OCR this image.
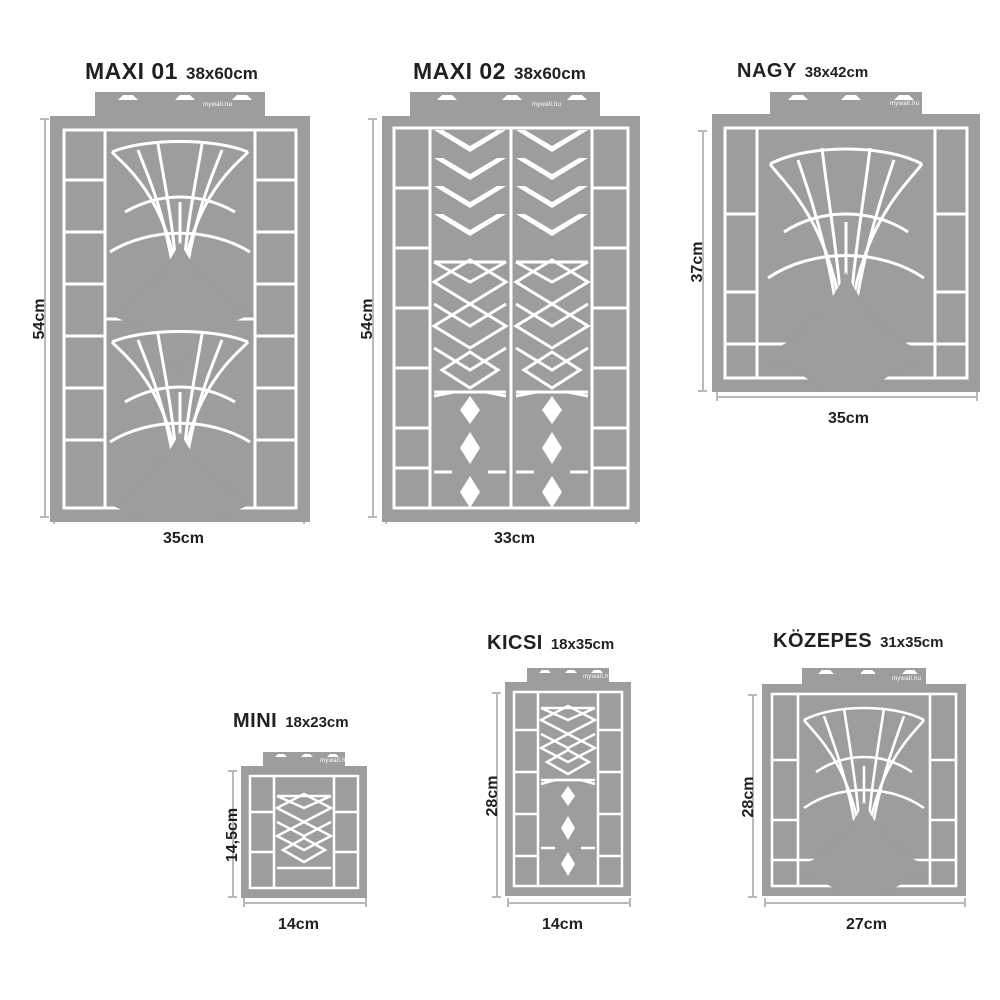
MAXI 01 38x60cm
54cm
35cm
mywall.hu
MAXI 02 38x60cm
54cm
33cm
mywall.hu
NAGY 38x42cm
37cm
35cm
mywall.hu
MINI 18x23cm
14,5cm
14cm
mywall.hu
KICSI 18x35cm
28cm
14cm
mywall.hu
KÖZEPES 31x35cm
28cm
27cm
mywall.hu
